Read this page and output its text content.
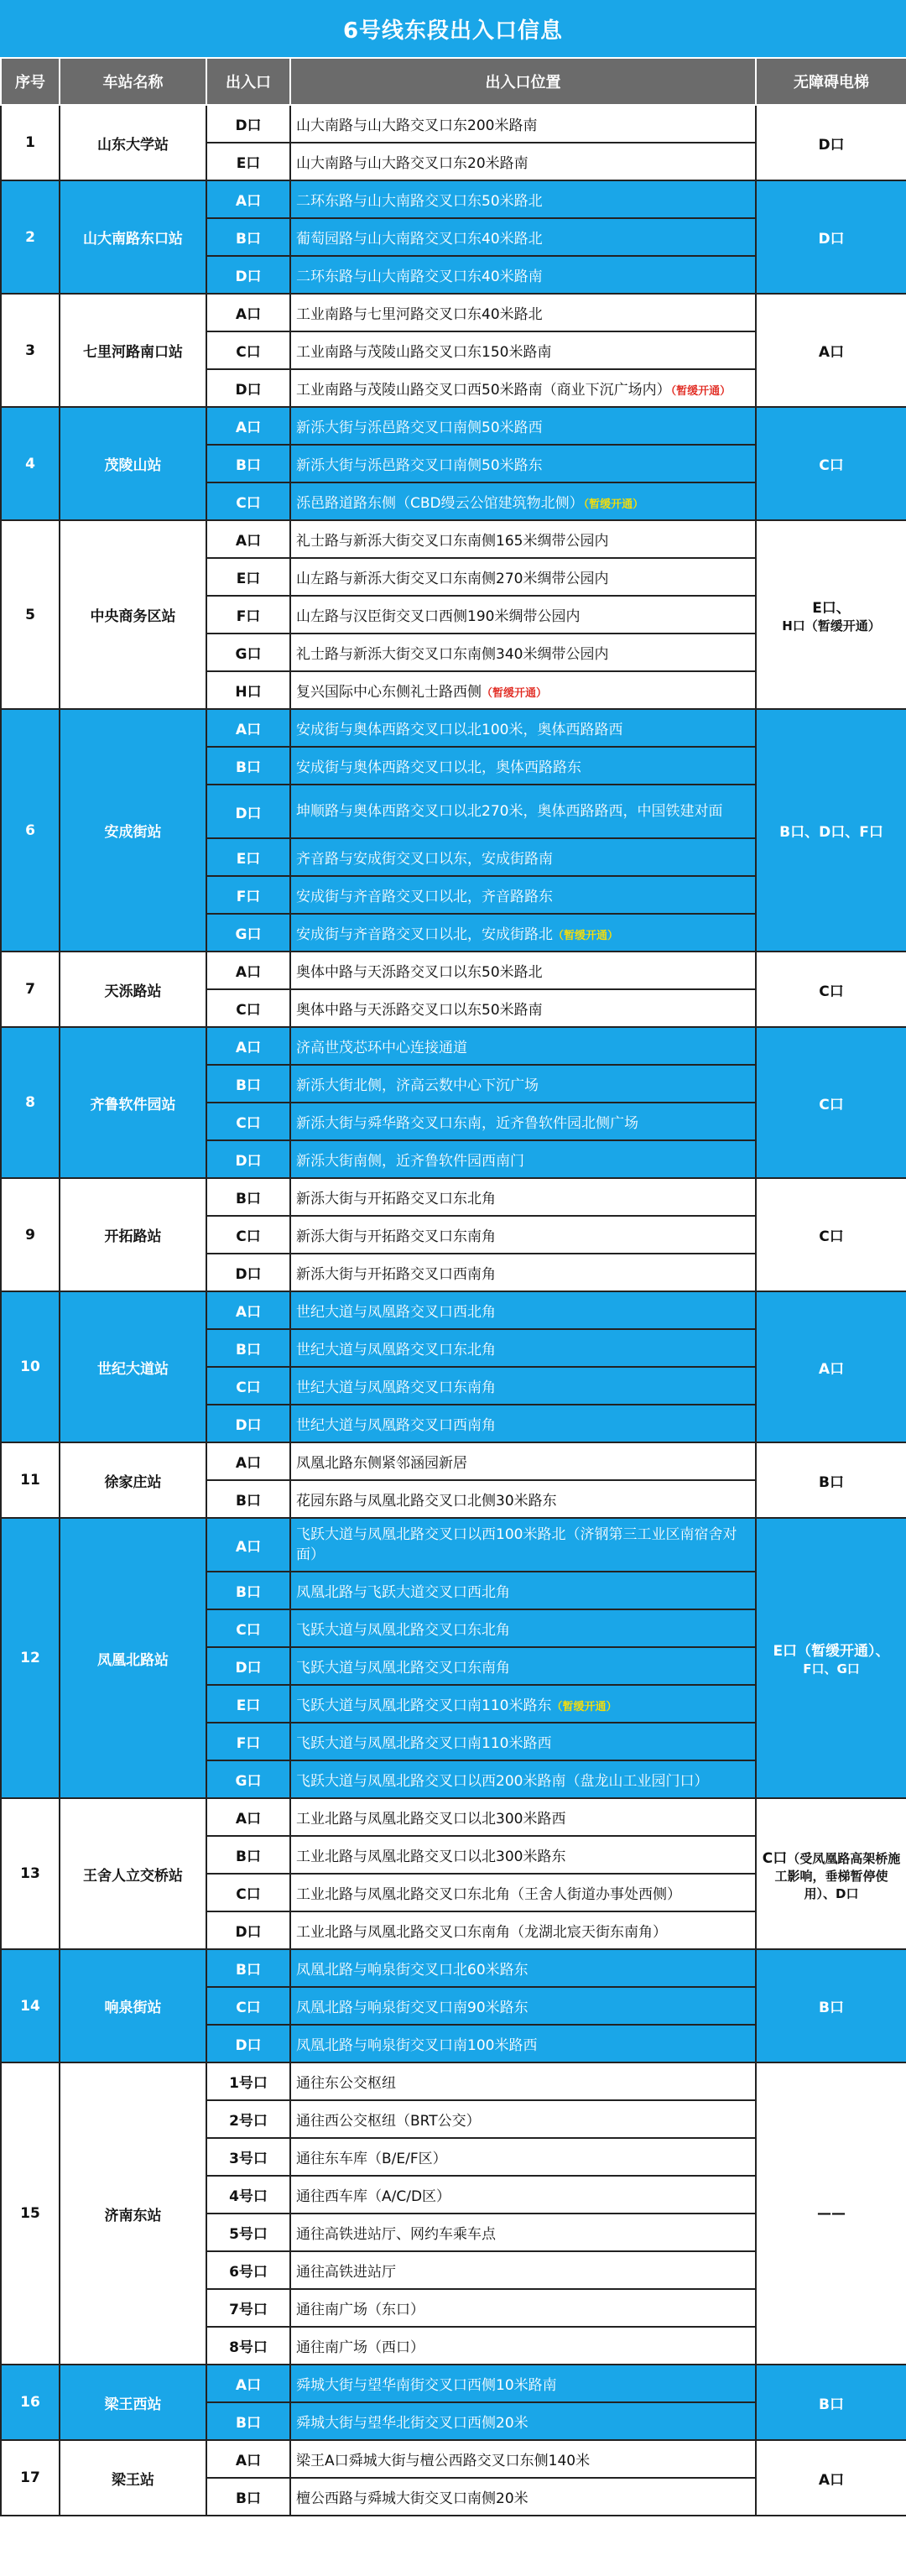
6号线东段出入口信息
序号	车站名称	出入口	出入口位置	无障碍电梯
1	山东大学站	D口	山大南路与山大路交叉口东200米路南	D口
		E口	山大南路与山大路交叉口东20米路南	
2	山大南路东口站	A口	二环东路与山大南路交叉口东50米路北	D口
		B口	葡萄园路与山大南路交叉口东40米路北	
		D口	二环东路与山大南路交叉口东40米路南	
3	七里河路南口站	A口	工业南路与七里河路交叉口东40米路北	A口
		C口	工业南路与茂陵山路交叉口东150米路南	
		D口	工业南路与茂陵山路交叉口西50米路南（商业下沉广场内）（暂缓开通）	
4	茂陵山站	A口	新泺大街与泺邑路交叉口南侧50米路西	C口
		B口	新泺大街与泺邑路交叉口南侧50米路东	
		C口	泺邑路道路东侧（CBD缦云公馆建筑物北侧）（暂缓开通）	
5	中央商务区站	A口	礼士路与新泺大街交叉口东南侧165米绸带公园内	E口、
H口（暂缓开通）
		E口	山左路与新泺大街交叉口东南侧270米绸带公园内	
		F口	山左路与汉臣街交叉口西侧190米绸带公园内	
		G口	礼士路与新泺大街交叉口东南侧340米绸带公园内	
		H口	复兴国际中心东侧礼士路西侧（暂缓开通）	
6	安成街站	A口	安成街与奥体西路交叉口以北100米，奥体西路路西	B口、D口、F口
		B口	安成街与奥体西路交叉口以北，奥体西路路东	
		D口	坤顺路与奥体西路交叉口以北270米，奥体西路路西，中国铁建对面	
		E口	齐音路与安成街交叉口以东，安成街路南	
		F口	安成街与齐音路交叉口以北，齐音路路东	
		G口	安成街与齐音路交叉口以北，安成街路北（暂缓开通）	
7	天泺路站	A口	奥体中路与天泺路交叉口以东50米路北	C口
		C口	奥体中路与天泺路交叉口以东50米路南	
8	齐鲁软件园站	A口	济高世茂芯环中心连接通道	C口
		B口	新泺大街北侧，济高云数中心下沉广场	
		C口	新泺大街与舜华路交叉口东南，近齐鲁软件园北侧广场	
		D口	新泺大街南侧，近齐鲁软件园西南门	
9	开拓路站	B口	新泺大街与开拓路交叉口东北角	C口
		C口	新泺大街与开拓路交叉口东南角	
		D口	新泺大街与开拓路交叉口西南角	
10	世纪大道站	A口	世纪大道与凤凰路交叉口西北角	A口
		B口	世纪大道与凤凰路交叉口东北角	
		C口	世纪大道与凤凰路交叉口东南角	
		D口	世纪大道与凤凰路交叉口西南角	
11	徐家庄站	A口	凤凰北路东侧紧邻涵园新居	B口
		B口	花园东路与凤凰北路交叉口北侧30米路东	
12	凤凰北路站	A口	飞跃大道与凤凰北路交叉口以西100米路北（济钢第三工业区南宿舍对面）	E口（暂缓开通）、
F口、G口
		B口	凤凰北路与飞跃大道交叉口西北角	
		C口	飞跃大道与凤凰北路交叉口东北角	
		D口	飞跃大道与凤凰北路交叉口东南角	
		E口	飞跃大道与凤凰北路交叉口南110米路东（暂缓开通）	
		F口	飞跃大道与凤凰北路交叉口南110米路西	
		G口	飞跃大道与凤凰北路交叉口以西200米路南（盘龙山工业园门口）	
13	王舍人立交桥站	A口	工业北路与凤凰北路交叉口以北300米路西	C口（受凤凰路高架桥施工影响，垂梯暂停使用）、D口
		B口	工业北路与凤凰北路交叉口以北300米路东	
		C口	工业北路与凤凰北路交叉口东北角（王舍人街道办事处西侧）	
		D口	工业北路与凤凰北路交叉口东南角（龙湖北宸天街东南角）	
14	响泉街站	B口	凤凰北路与响泉街交叉口北60米路东	B口
		C口	凤凰北路与响泉街交叉口南90米路东	
		D口	凤凰北路与响泉街交叉口南100米路西	
15	济南东站	1号口	通往东公交枢纽	——
		2号口	通往西公交枢纽（BRT公交）	
		3号口	通往东车库（B/E/F区）	
		4号口	通往西车库（A/C/D区）	
		5号口	通往高铁进站厅、网约车乘车点	
		6号口	通往高铁进站厅	
		7号口	通往南广场（东口）	
		8号口	通往南广场（西口）	
16	梁王西站	A口	舜城大街与望华南街交叉口西侧10米路南	B口
		B口	舜城大街与望华北街交叉口西侧20米	
17	梁王站	A口	梁王A口舜城大街与檀公西路交叉口东侧140米	A口
		B口	檀公西路与舜城大街交叉口南侧20米	
